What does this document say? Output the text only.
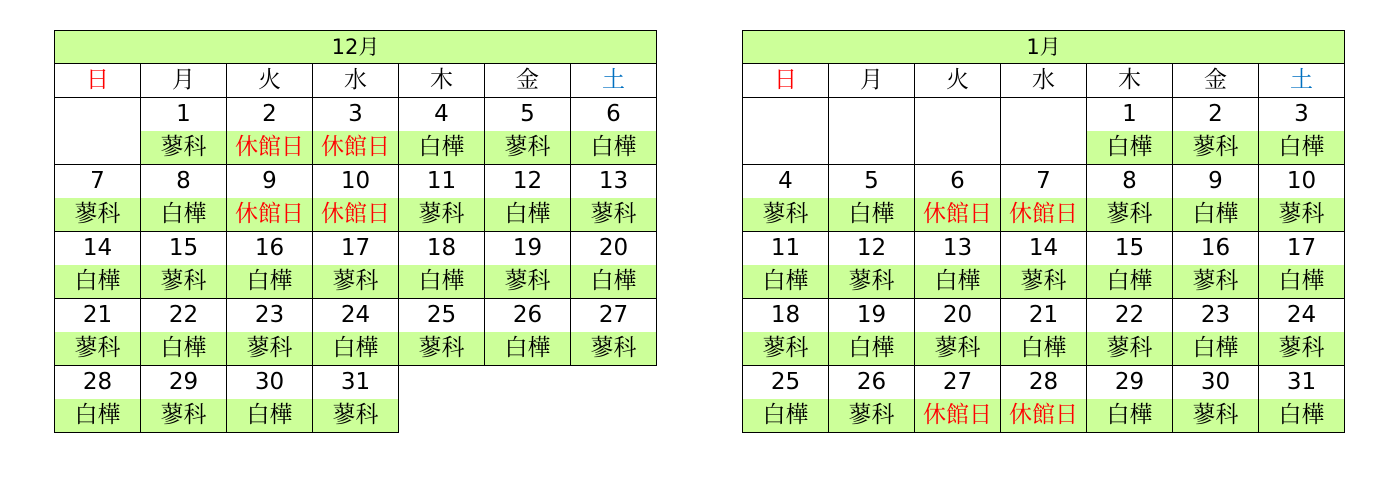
12月						
日	月	火	水	木	金	土
	1	2	3	4	5	6
	蓼科	休館日	休館日	白樺	蓼科	白樺
7	8	9	10	11	12	13
蓼科	白樺	休館日	休館日	蓼科	白樺	蓼科
14	15	16	17	18	19	20
白樺	蓼科	白樺	蓼科	白樺	蓼科	白樺
21	22	23	24	25	26	27
蓼科	白樺	蓼科	白樺	蓼科	白樺	蓼科
28	29	30	31			
白樺	蓼科	白樺	蓼科			
1月						
日	月	火	水	木	金	土
				1	2	3
				白樺	蓼科	白樺
4	5	6	7	8	9	10
蓼科	白樺	休館日	休館日	蓼科	白樺	蓼科
11	12	13	14	15	16	17
白樺	蓼科	白樺	蓼科	白樺	蓼科	白樺
18	19	20	21	22	23	24
蓼科	白樺	蓼科	白樺	蓼科	白樺	蓼科
25	26	27	28	29	30	31
白樺	蓼科	休館日	休館日	白樺	蓼科	白樺
